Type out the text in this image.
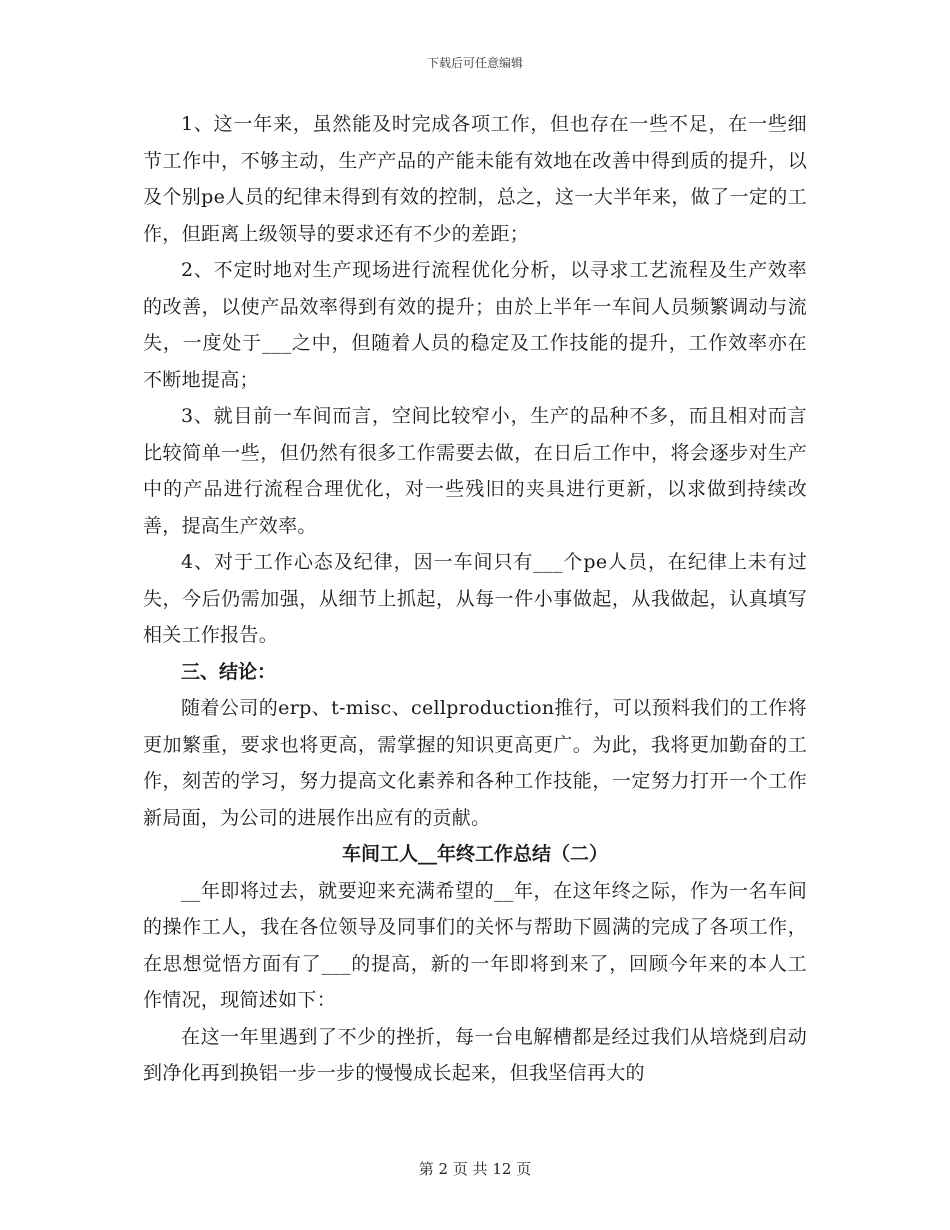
下载后可任意编辑

1、这一年来，虽然能及时完成各项工作，但也存在一些不足，在一些细节工作中，不够主动，生产产品的产能未能有效地在改善中得到质的提升，以及个别pe人员的纪律未得到有效的控制，总之，这一大半年来，做了一定的工作，但距离上级领导的要求还有不少的差距；

2、不定时地对生产现场进行流程优化分析，以寻求工艺流程及生产效率的改善，以使产品效率得到有效的提升；由於上半年一车间人员频繁调动与流失，一度处于___之中，但随着人员的稳定及工作技能的提升，工作效率亦在不断地提高；

3、就目前一车间而言，空间比较窄小，生产的品种不多，而且相对而言比较简单一些，但仍然有很多工作需要去做，在日后工作中，将会逐步对生产中的产品进行流程合理优化，对一些残旧的夹具进行更新，以求做到持续改善，提高生产效率。

4、对于工作心态及纪律，因一车间只有___个pe人员，在纪律上未有过失，今后仍需加强，从细节上抓起，从每一件小事做起，从我做起，认真填写相关工作报告。

三、结论：

随着公司的erp、t-misc、cellproduction推行，可以预料我们的工作将更加繁重，要求也将更高，需掌握的知识更高更广。为此，我将更加勤奋的工作，刻苦的学习，努力提高文化素养和各种工作技能，一定努力打开一个工作新局面，为公司的进展作出应有的贡献。

车间工人__年终工作总结（二）

__年即将过去，就要迎来充满希望的__年，在这年终之际，作为一名车间的操作工人，我在各位领导及同事们的关怀与帮助下圆满的完成了各项工作，在思想觉悟方面有了___的提高，新的一年即将到来了，回顾今年来的本人工作情况，现简述如下：

在这一年里遇到了不少的挫折，每一台电解槽都是经过我们从培烧到启动到净化再到换铝一步一步的慢慢成长起来，但我坚信再大的

第 2 页 共 12 页
